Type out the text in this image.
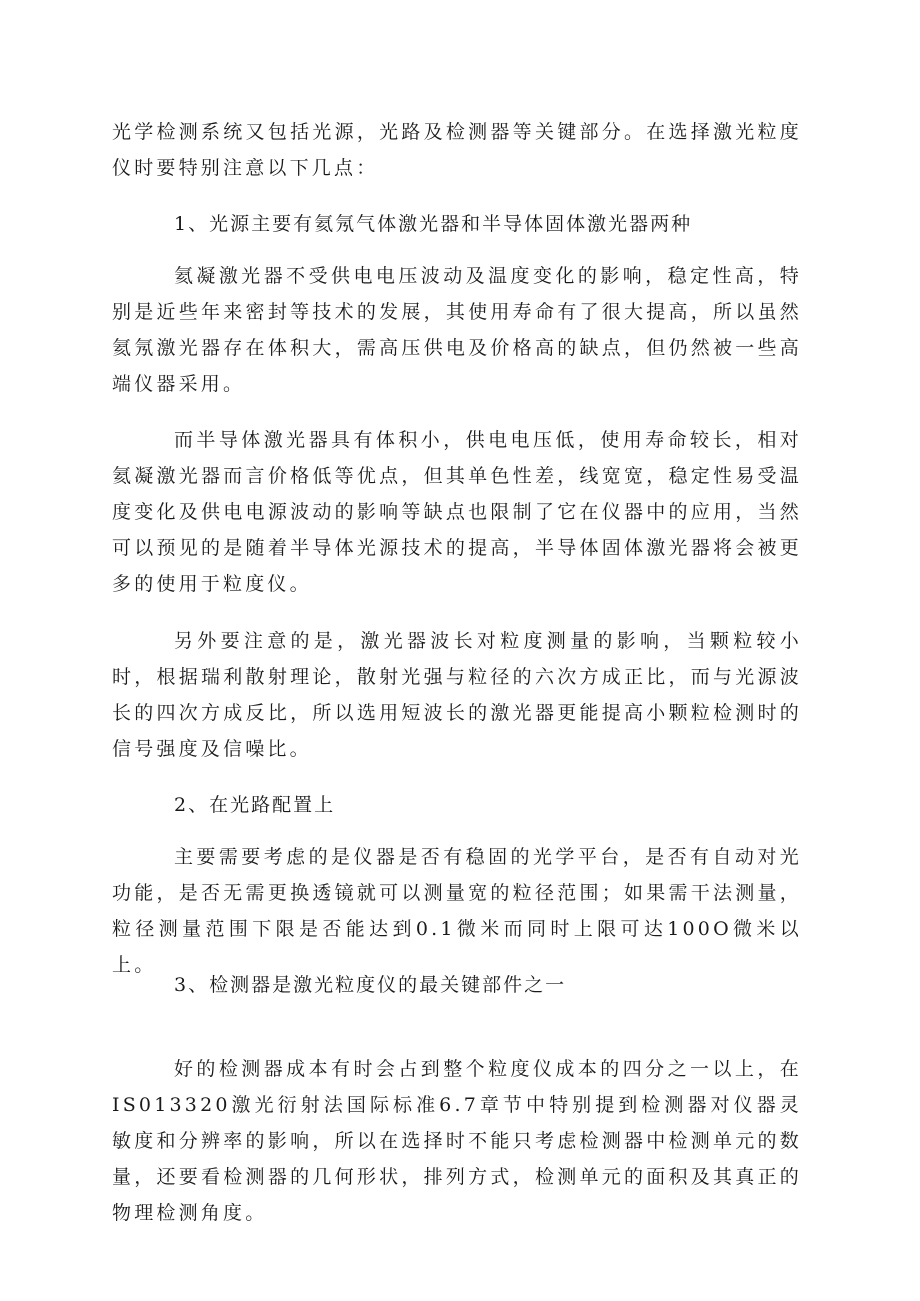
光学检测系统又包括光源，光路及检测器等关键部分。在选择激光粒度仪时要特别注意以下几点：

1、光源主要有氦氖气体激光器和半导体固体激光器两种

氦凝激光器不受供电电压波动及温度变化的影响，稳定性高，特别是近些年来密封等技术的发展，其使用寿命有了很大提高，所以虽然氦氖激光器存在体积大，需高压供电及价格高的缺点，但仍然被一些高端仪器采用。

而半导体激光器具有体积小，供电电压低，使用寿命较长，相对氦凝激光器而言价格低等优点，但其单色性差，线宽宽，稳定性易受温度变化及供电电源波动的影响等缺点也限制了它在仪器中的应用，当然可以预见的是随着半导体光源技术的提高，半导体固体激光器将会被更多的使用于粒度仪。

另外要注意的是，激光器波长对粒度测量的影响，当颗粒较小时，根据瑞利散射理论，散射光强与粒径的六次方成正比，而与光源波长的四次方成反比，所以选用短波长的激光器更能提高小颗粒检测时的信号强度及信噪比。

2、在光路配置上

主要需要考虑的是仪器是否有稳固的光学平台，是否有自动对光功能，是否无需更换透镜就可以测量宽的粒径范围；如果需干法测量，粒径测量范围下限是否能达到0.1微米而同时上限可达100O微米以上。

3、检测器是激光粒度仪的最关键部件之一

好的检测器成本有时会占到整个粒度仪成本的四分之一以上，在IS013320激光衍射法国际标准6.7章节中特别提到检测器对仪器灵敏度和分辨率的影响，所以在选择时不能只考虑检测器中检测单元的数量，还要看检测器的几何形状，排列方式，检测单元的面积及其真正的物理检测角度。
